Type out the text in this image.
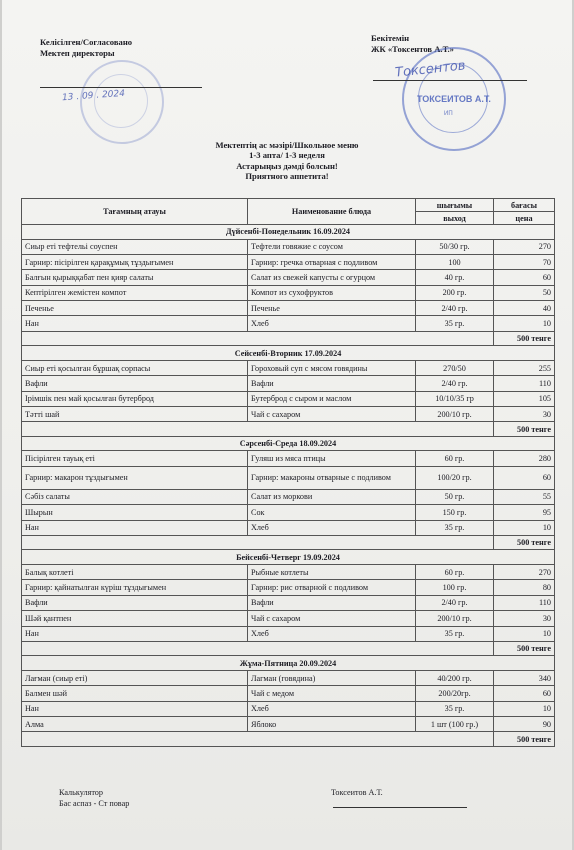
Келісілген/Согласовано
Мектеп директоры
13 . 09 . 2024
Бекітемін
ЖК «Токсентов А.Т.»
ТОКСЕИТОВ А.Т.
ИП
Токсентов
Мектептің ас мәзірі/Школьное меню
1-3 апта/ 1-3 неделя
Астарыңыз дәмді болсын!
Приятного аппетита!
Тағамның атауы	Наименование блюда	шығымы	бағасы
		выход	цена
Дүйсенбі-Понедельник 16.09.2024			
Сиыр еті тефтельі соуспен	Тефтели говяжие с соусом	50/30 гр.	270
Гарнир: пісірілген қарақұмық тұздығымен	Гарнир: гречка отварная с подливом	100	70
Балғын қырыққабат пен қияр салаты	Салат из свежей капусты с огурцом	40 гр.	60
Кептірілген жемістен компот	Компот из сухофруктов	200 гр.	50
Печенье	Печенье	2/40 гр.	40
Нан	Хлеб	35 гр.	10
			500 тенге
Сейсенбі-Вторник 17.09.2024			
Сиыр еті қосылған бұршақ сорпасы	Гороховый суп с мясом говядины	270/50	255
Вафли	Вафли	2/40 гр.	110
Ірімшік пен май қосылған бутерброд	Бутерброд с сыром и маслом	10/10/35 гр	105
Тәтті шай	Чай с сахаром	200/10 гр.	30
			500 тенге
Сәрсенбі-Среда 18.09.2024			
Пісірілген тауық еті	Гуляш из мяса птицы	60 гр.	280
Гарнир: макарон тұздығымен	Гарнир: макароны отварные с подливом	100/20 гр.	60
Сәбіз салаты	Салат из моркови	50 гр.	55
Шырын	Сок	150 гр.	95
Нан	Хлеб	35 гр.	10
			500 тенге
Бейсенбі-Четверг 19.09.2024			
Балық котлеті	Рыбные котлеты	60 гр.	270
Гарнир: қайнатылған күріш тұздығымен	Гарнир: рис отварной с подливом	100 гр.	80
Вафли	Вафли	2/40 гр.	110
Шәй қантпен	Чай с сахаром	200/10 гр.	30
Нан	Хлеб	35 гр.	10
			500 тенге
Жұма-Пятница 20.09.2024			
Лағман (сиыр еті)	Лагман (говядина)	40/200 гр.	340
Балмен шәй	Чай с медом	200/20гр.	60
Нан	Хлеб	35 гр.	10
Алма	Яблоко	1 шт (100 гр.)	90
			500 тенге
Калькулятор
Бас аспаз - Ст повар
Токсеитов А.Т.
